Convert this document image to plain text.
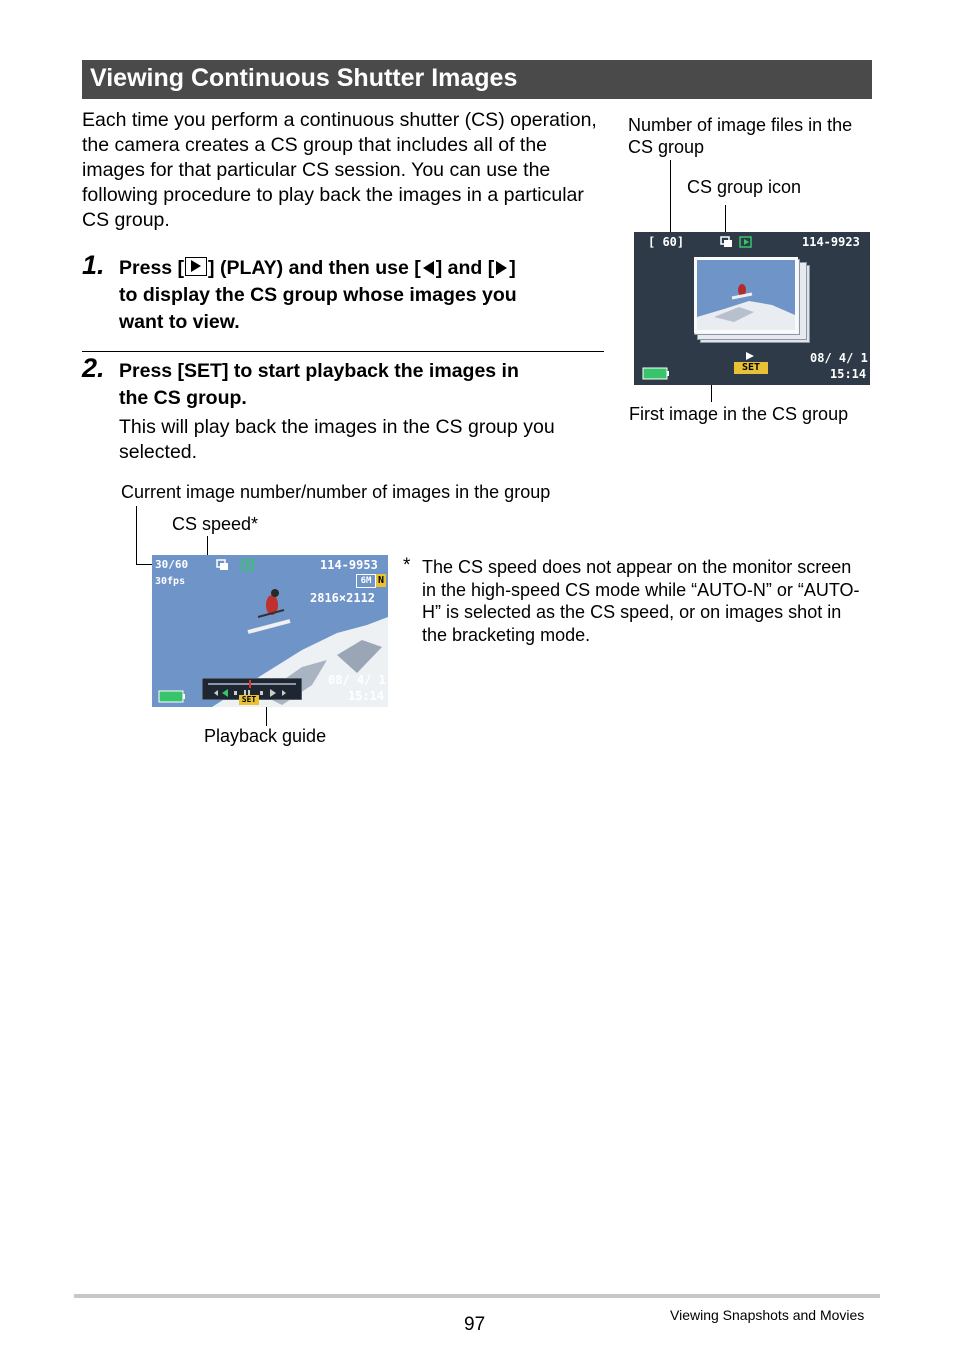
Viewing Continuous Shutter Images
Each time you perform a continuous shutter (CS) operation, the camera creates a CS group that includes all of the images for that particular CS session. You can use the following procedure to play back the images in a particular CS group.
1. Press [ ] (PLAY) and then use [ ] and [ ]
to display the CS group whose images you
want to view.
2. Press [SET] to start playback the images in
the CS group.
This will play back the images in the CS group you selected.
Number of image files in the CS group
CS group icon
First image in the CS group
[ 60]	114-9923
SET
08/ 4/ 1
15:14
Current image number/number of images in the group
CS speed*
Playback guide
30/60
30fps
114-9953
6M N
2816×2112
SET
08/ 4/ 1
15:14
* The CS speed does not appear on the monitor screen in the high-speed CS mode while “AUTO-N” or “AUTO-H” is selected as the CS speed, or on images shot in the bracketing mode.
97	Viewing Snapshots and Movies
